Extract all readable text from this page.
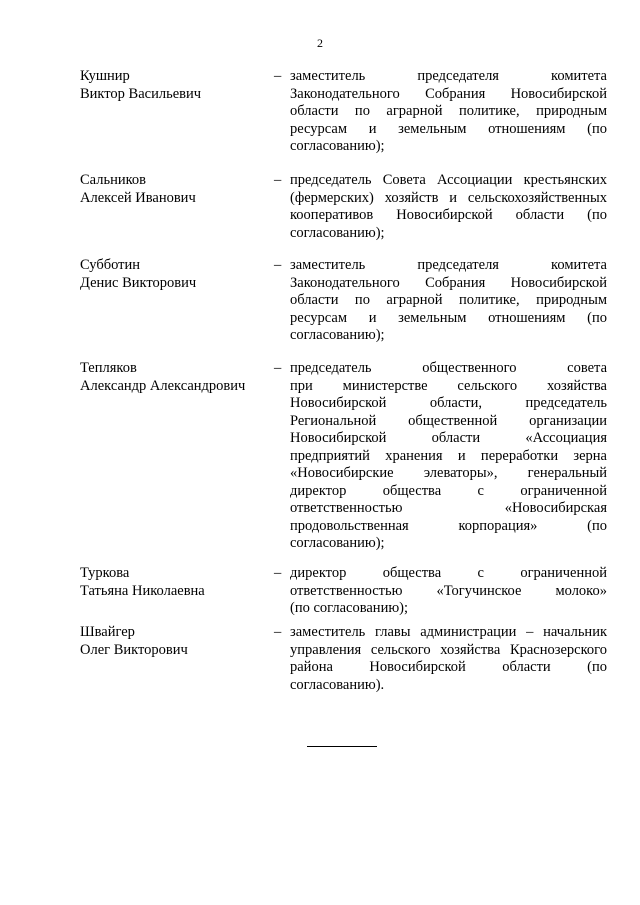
2
Кушнир
Виктор Васильевич
– заместитель председателя комитета
Законодательного Собрания Новосибирской
области по аграрной политике, природным
ресурсам и земельным отношениям (по
согласованию);
Сальников
Алексей Иванович
– председатель Совета Ассоциации крестьянских
(фермерских) хозяйств и сельскохозяйственных
кооперативов Новосибирской области (по
согласованию);
Субботин
Денис Викторович
– заместитель председателя комитета
Законодательного Собрания Новосибирской
области по аграрной политике, природным
ресурсам и земельным отношениям (по
согласованию);
Тепляков
Александр Александрович
– председатель общественного совета
при министерстве сельского хозяйства
Новосибирской области, председатель
Региональной общественной организации
Новосибирской области «Ассоциация
предприятий хранения и переработки зерна
«Новосибирские элеваторы», генеральный
директор общества с ограниченной
ответственностью «Новосибирская
продовольственная корпорация» (по
согласованию);
Туркова
Татьяна Николаевна
– директор общества с ограниченной
ответственностью «Тогучинское молоко»
(по согласованию);
Швайгер
Олег Викторович
– заместитель главы администрации – начальник
управления сельского хозяйства Краснозерского
района Новосибирской области (по
согласованию).
